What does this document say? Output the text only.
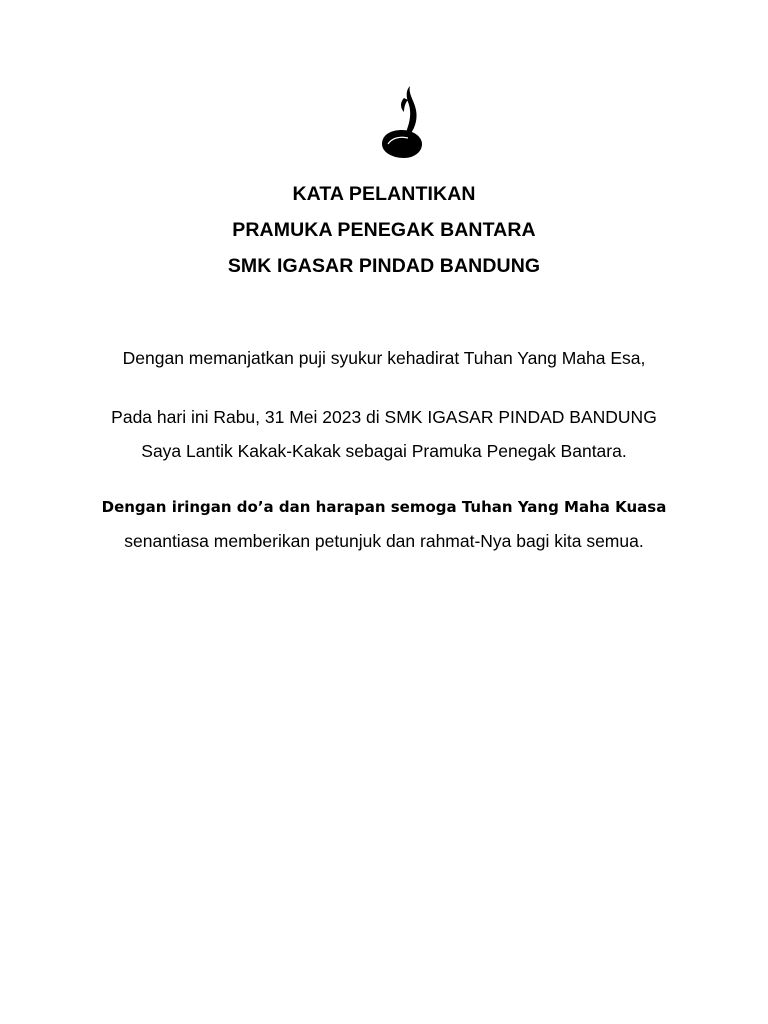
KATA PELANTIKAN

PRAMUKA PENEGAK BANTARA

SMK IGASAR PINDAD BANDUNG

Dengan memanjatkan puji syukur kehadirat Tuhan Yang Maha Esa,

Pada hari ini Rabu, 31 Mei 2023 di SMK IGASAR PINDAD BANDUNG
Saya Lantik Kakak-Kakak sebagai Pramuka Penegak Bantara.

Dengan iringan do’a dan harapan semoga Tuhan Yang Maha Kuasa
senantiasa memberikan petunjuk dan rahmat-Nya bagi kita semua.
